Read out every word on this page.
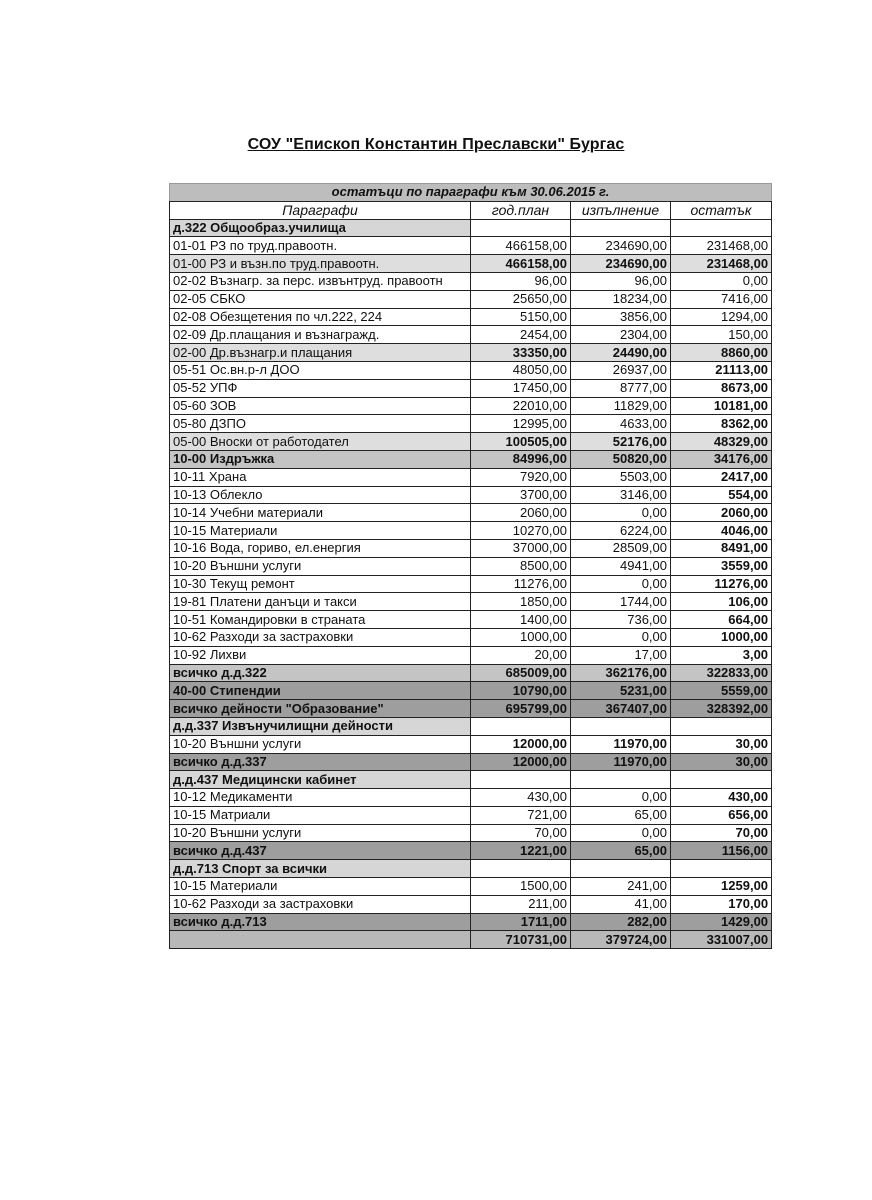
СОУ "Епископ Константин Преславски" Бургас
остатъци по параграфи към 30.06.2015 г.			
Параграфи	год.план	изпълнение	остатък
д.322 Общообраз.училища			
01-01 РЗ по труд.правоотн.	466158,00	234690,00	231468,00
01-00 РЗ и възн.по труд.правоотн.	466158,00	234690,00	231468,00
02-02 Възнагр. за перс. извънтруд. правоотн	96,00	96,00	0,00
02-05 СБКО	25650,00	18234,00	7416,00
02-08 Обезщетения по чл.222, 224	5150,00	3856,00	1294,00
02-09 Др.плащания и възнагражд.	2454,00	2304,00	150,00
02-00 Др.възнагр.и плащания	33350,00	24490,00	8860,00
05-51 Ос.вн.р-л ДОО	48050,00	26937,00	21113,00
05-52 УПФ	17450,00	8777,00	8673,00
05-60 ЗОВ	22010,00	11829,00	10181,00
05-80 ДЗПО	12995,00	4633,00	8362,00
05-00 Вноски от работодател	100505,00	52176,00	48329,00
10-00 Издръжка	84996,00	50820,00	34176,00
10-11 Храна	7920,00	5503,00	2417,00
10-13 Облекло	3700,00	3146,00	554,00
10-14 Учебни материали	2060,00	0,00	2060,00
10-15 Материали	10270,00	6224,00	4046,00
10-16 Вода, гориво, ел.енергия	37000,00	28509,00	8491,00
10-20 Външни услуги	8500,00	4941,00	3559,00
10-30 Текущ ремонт	11276,00	0,00	11276,00
19-81 Платени данъци и такси	1850,00	1744,00	106,00
10-51 Командировки в страната	1400,00	736,00	664,00
10-62 Разходи за застраховки	1000,00	0,00	1000,00
10-92 Лихви	20,00	17,00	3,00
всичко д.д.322	685009,00	362176,00	322833,00
40-00 Стипендии	10790,00	5231,00	5559,00
всичко дейности "Образование"	695799,00	367407,00	328392,00
д.д.337 Извънучилищни дейности			
10-20 Външни услуги	12000,00	11970,00	30,00
всичко д.д.337	12000,00	11970,00	30,00
д.д.437 Медицински кабинет			
10-12 Медикаменти	430,00	0,00	430,00
10-15 Матриали	721,00	65,00	656,00
10-20 Външни услуги	70,00	0,00	70,00
всичко д.д.437	1221,00	65,00	1156,00
д.д.713 Спорт за всички			
10-15 Материали	1500,00	241,00	1259,00
10-62 Разходи за застраховки	211,00	41,00	170,00
всичко д.д.713	1711,00	282,00	1429,00
	710731,00	379724,00	331007,00
